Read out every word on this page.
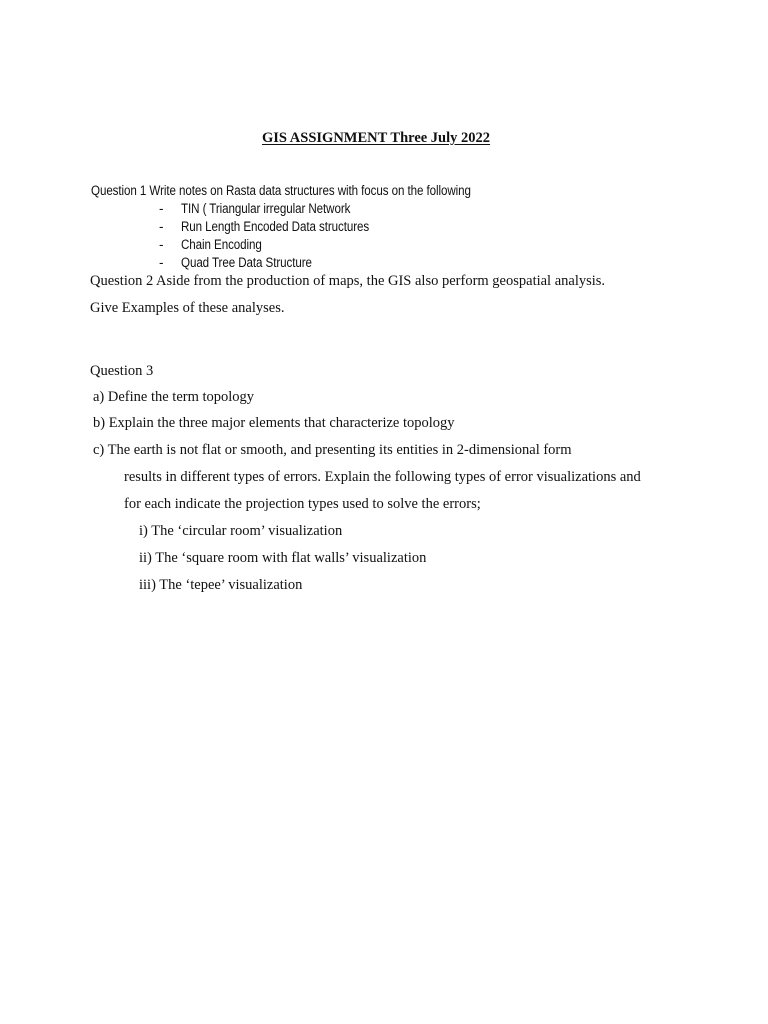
GIS ASSIGNMENT Three July 2022
Question 1 Write notes on Rasta data structures with focus on the following
- TIN ( Triangular irregular Network
- Run Length Encoded Data structures
- Chain Encoding
- Quad Tree Data Structure
Question 2 Aside from the production of maps, the GIS also perform geospatial analysis.
Give Examples of these analyses.
Question 3
a) Define the term topology
b) Explain the three major elements that characterize topology
c) The earth is not flat or smooth, and presenting its entities in 2-dimensional form
results in different types of errors. Explain the following types of error visualizations and
for each indicate the projection types used to solve the errors;
i) The ‘circular room’ visualization
ii) The ‘square room with flat walls’ visualization
iii) The ‘tepee’ visualization
